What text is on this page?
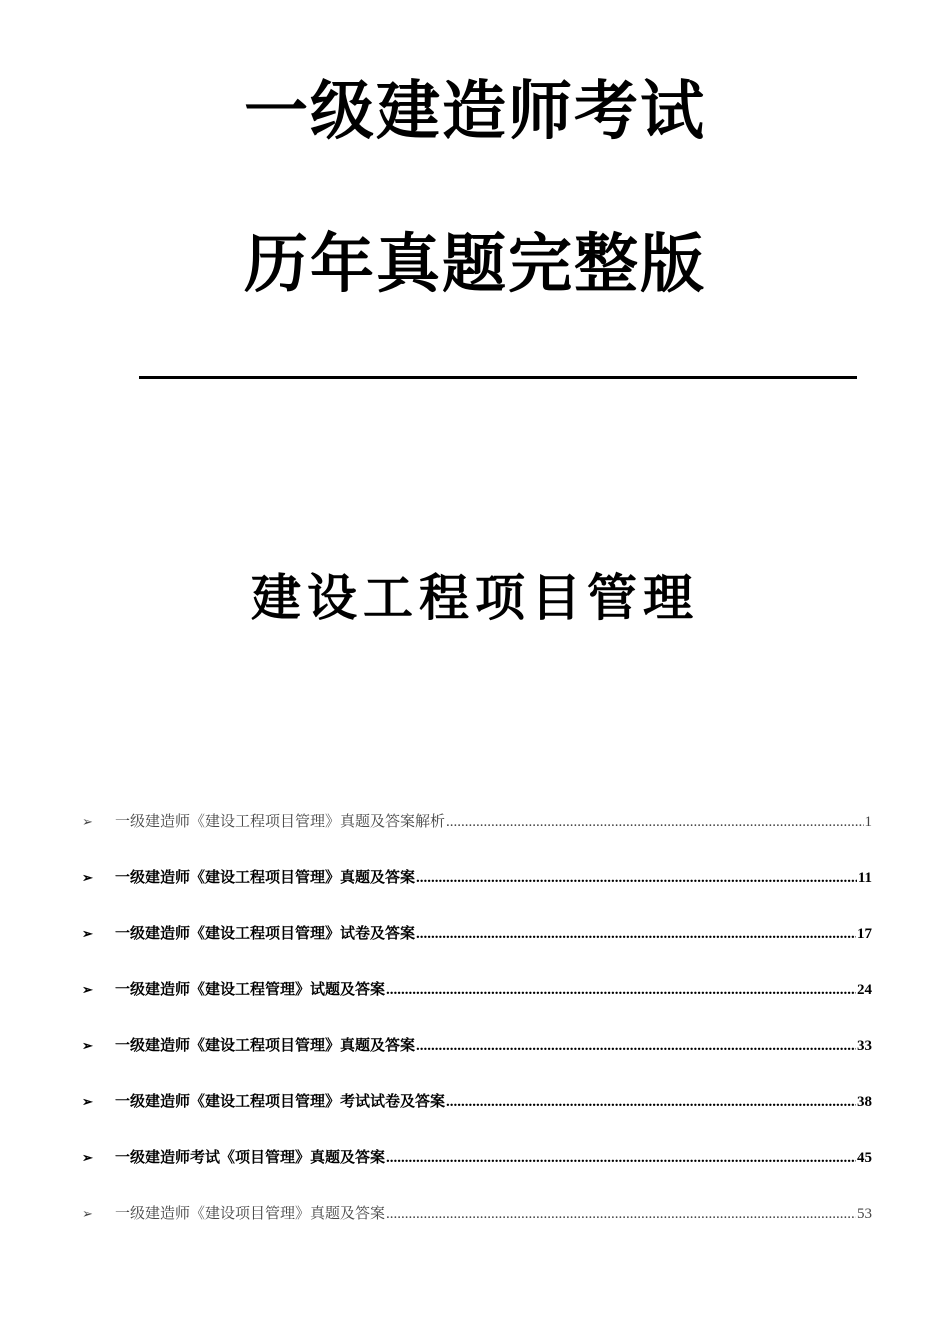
一级建造师考试
历年真题完整版
建设工程项目管理
➢	一级建造师《建设工程项目管理》真题及答案解析 .....	1
➢	一级建造师《建设工程项目管理》真题及答案 .....	11
➢	一级建造师《建设工程项目管理》试卷及答案 .....	17
➢	一级建造师《建设工程管理》试题及答案 .....	24
➢	一级建造师《建设工程项目管理》真题及答案 .....	33
➢	一级建造师《建设工程项目管理》考试试卷及答案 .....	38
➢	一级建造师考试《项目管理》真题及答案 .....	45
➢	一级建造师《建设项目管理》真题及答案 .....	53
